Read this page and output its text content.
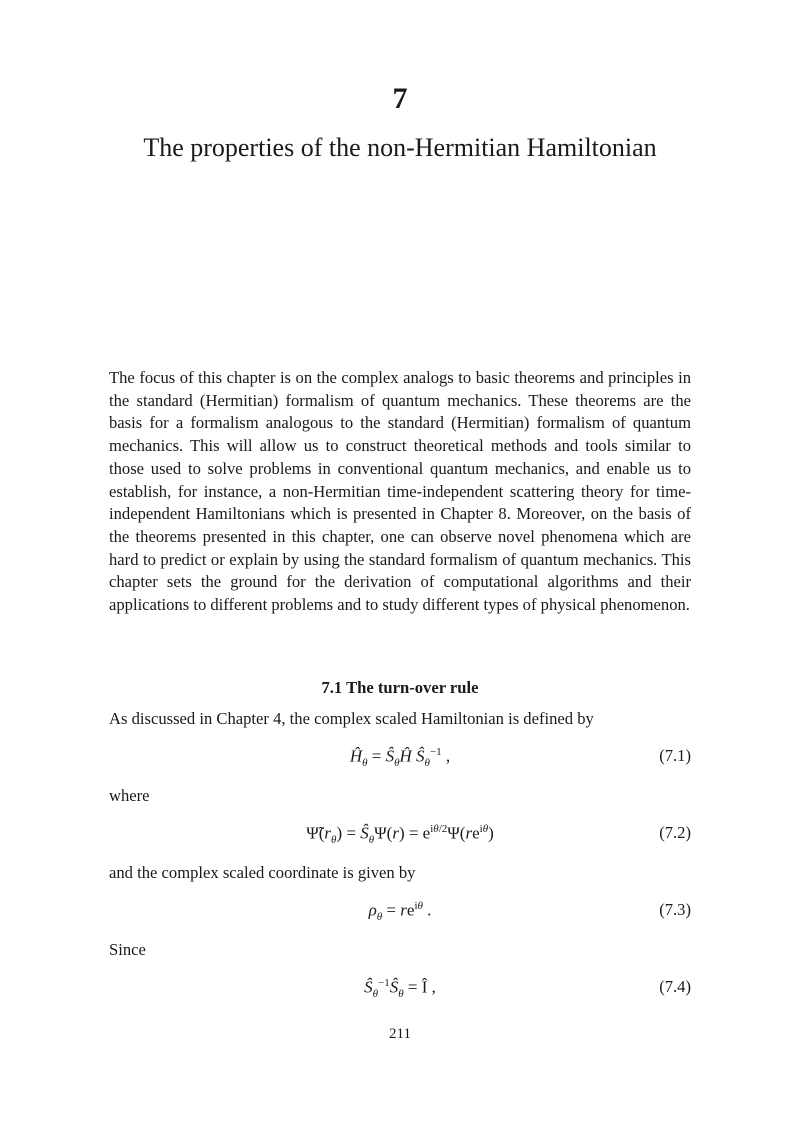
7
The properties of the non-Hermitian Hamiltonian

The focus of this chapter is on the complex analogs to basic theorems and principles in the standard (Hermitian) formalism of quantum mechanics. These theorems are the basis for a formalism analogous to the standard (Hermitian) formalism of quantum mechanics. This will allow us to construct theoretical methods and tools similar to those used to solve problems in conventional quantum mechanics, and enable us to establish, for instance, a non-Hermitian time-independent scattering theory for time-independent Hamiltonians which is presented in Chapter 8. Moreover, on the basis of the theorems presented in this chapter, one can observe novel phenomena which are hard to predict or explain by using the standard formalism of quantum mechanics. This chapter sets the ground for the derivation of computational algorithms and their applications to different problems and to study different types of physical phenomenon.

7.1 The turn-over rule
As discussed in Chapter 4, the complex scaled Hamiltonian is defined by
$Ĥ_\theta$ = $Ŝ_\theta Ĥ$ $Ŝ_\theta^{-1}$ ,	(7.1)
where
$\Psĩ(r_\theta)$ = $Ŝ_\theta\Psi(r) = e^{i\theta/2}\Psi(re^{i\theta})$	(7.2)
and the complex scaled coordinate is given by
$\rho_\theta = re^{i\theta}$ .	(7.3)
Since
$Ŝ_\theta^{-1}Ŝ_\theta$ = Î ,	(7.4)
211
